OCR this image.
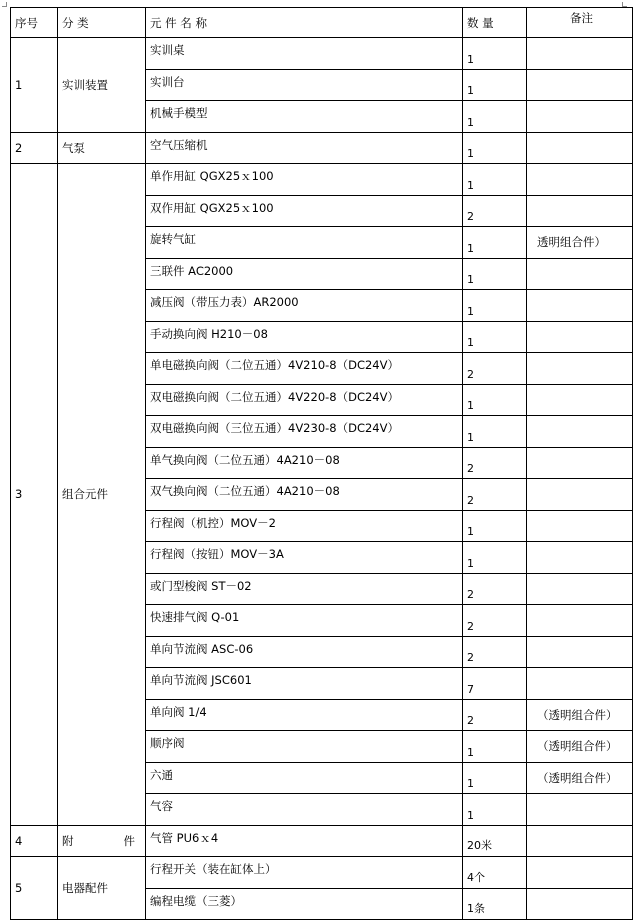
序号	分 类	元 件 名 称	数 量	备注
1	实训装置	实训桌	1	
		实训台	1	
		机械手模型	1	
2	气泵	空气压缩机	1	
3	组合元件	单作用缸 QGX25ｘ100	1	
		双作用缸 QGX25ｘ100	2	
		旋转气缸	1	透明组合件）
		三联件 AC2000	1	
		减压阀（带压力表）AR2000	1	
		手动换向阀 H210－08	1	
		单电磁换向阀（二位五通）4V210-8（DC24V）	2	
		双电磁换向阀（二位五通）4V220-8（DC24V）	1	
		双电磁换向阀（三位五通）4V230-8（DC24V）	1	
		单气换向阀（二位五通）4A210－08	2	
		双气换向阀（二位五通）4A210－08	2	
		行程阀（机控）MOV－2	1	
		行程阀（按钮）MOV－3A	1	
		或门型梭阀 ST－02	2	
		快速排气阀 Q-01	2	
		单向节流阀 ASC-06	2	
		单向节流阀 JSC601	7	
		单向阀 1/4	2	（透明组合件）
		顺序阀	1	（透明组合件）
		六通	1	（透明组合件）
		气容	1	
4	附 件	气管 PU6ｘ4	20米	
5	电器配件	行程开关（装在缸体上）	4个	
		编程电缆（三菱）	1条	
